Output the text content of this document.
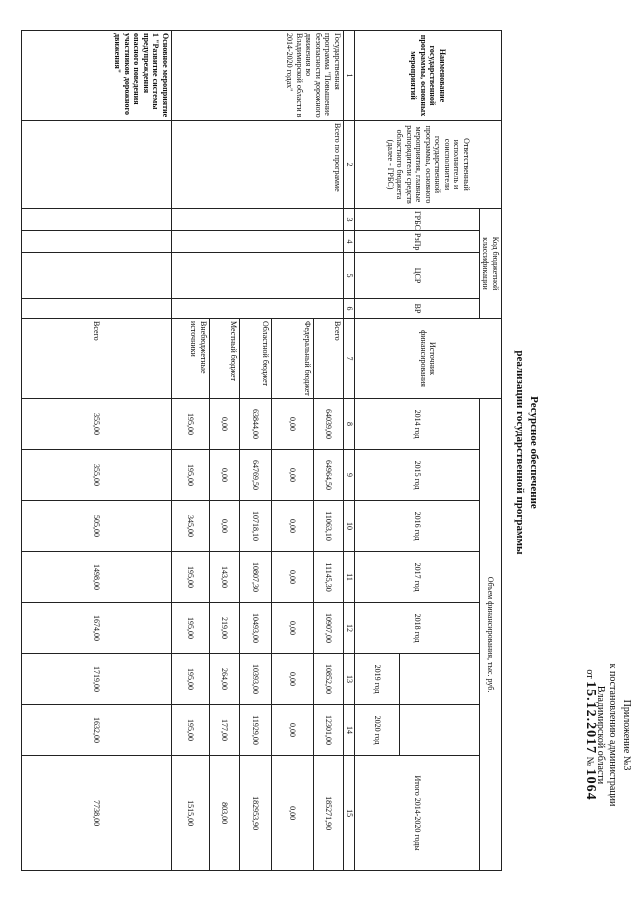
Приложение №3
к постановлению администрации
Владимирской области
от 15.12.2017 № 1064
Ресурсное обеспечение
реализации государственной программы
Наименование государственной программы, основных мероприятий	Ответственный исполнитель и соисполнители государственной программы, основного мероприятия, главные распорядители средств областного бюджета (далее - ГРБС)	Код бюджетной классификации				Источник финансирования	Объем финансирования, тыс. руб.							
		ГРБС	РзПр	ЦСР	ВР		2014 год	2015 год	2016 год	2017 год	2018 год			Итого 2014-2020 годы
												2019 год	2020 год	
1	2	3	4	5	6	7	8	9	10	11	12	13	14	15
Государственная программа "Повышение безопасности дорожного движения во Владимирской области в 2014-2020 годах"	Всего по программе					Всего	64039,00	64964,50	11063,10	11145,30	10907,00	10852,00	12301,00	185271,90
						Федеральный бюджет	0,00	0,00	0,00	0,00	0,00	0,00	0,00	0,00
						Областной бюджет	63844,00	64769,50	10718,10	10807,30	10493,00	10393,00	11929,00	182953,90
						Местный бюджет	0,00	0,00	0,00	143,00	219,00	264,00	177,00	803,00
						Внебюджетные источники	195,00	195,00	345,00	195,00	195,00	195,00	195,00	1515,00
Основное мероприятие 1 "Развитие системы предупреждения опасного поведения участников дорожного движения"						Всего	355,00	355,00	505,00	1498,00	1674,00	1719,00	1632,00	7738,00
